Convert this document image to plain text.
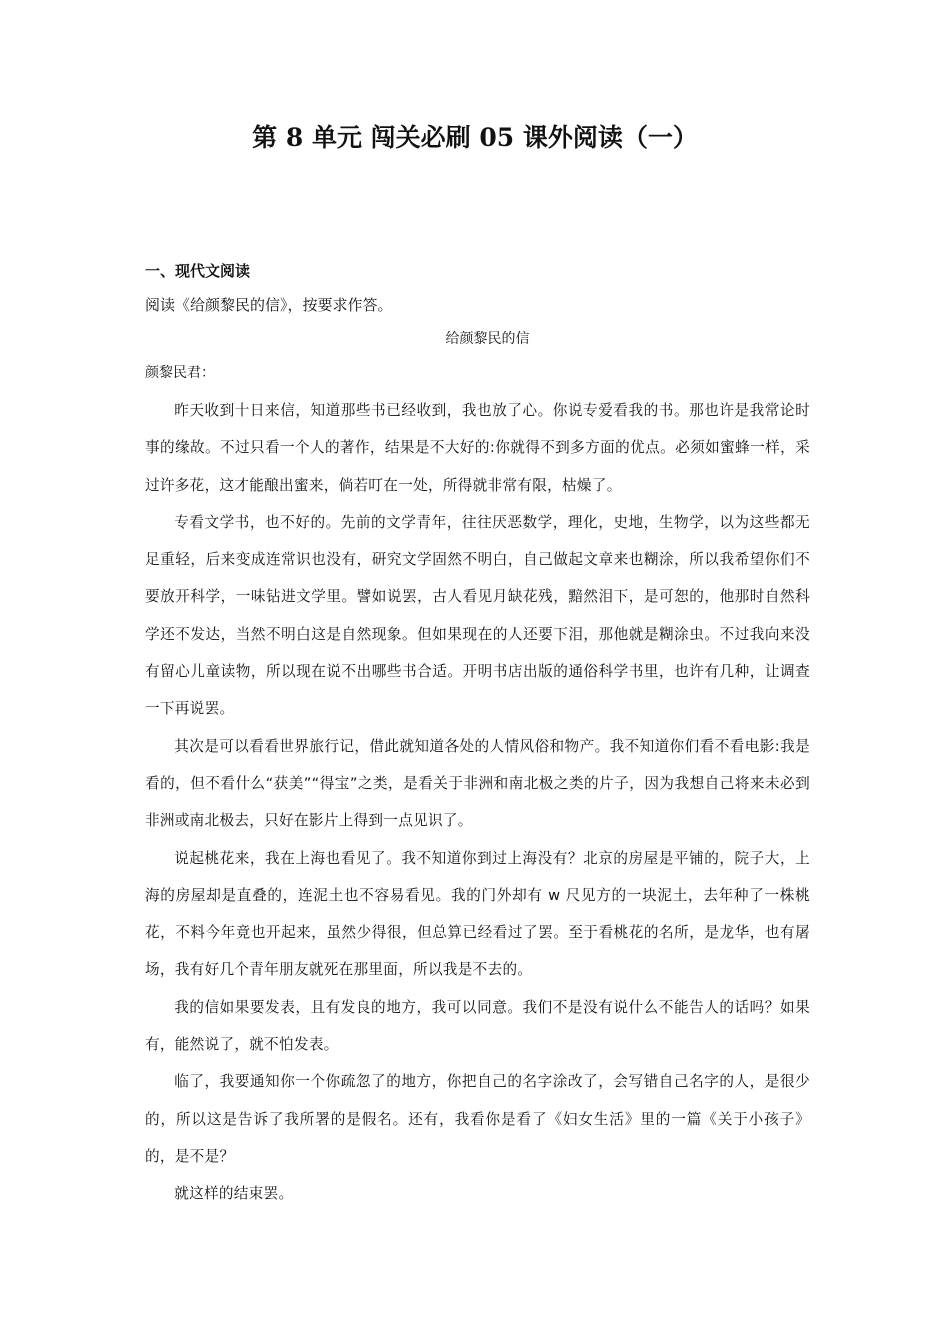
第 8 单元 闯关必刷 05 课外阅读（一）
一、现代文阅读
阅读《给颜黎民的信》，按要求作答。
给颜黎民的信
颜黎民君：

昨天收到十日来信，知道那些书已经收到，我也放了心。你说专爱看我的书。那也许是我常论时事的缘故。不过只看一个人的著作，结果是不大好的:你就得不到多方面的优点。必须如蜜蜂一样，采过许多花，这才能酿出蜜来，倘若叮在一处，所得就非常有限，枯燥了。

专看文学书，也不好的。先前的文学青年，往往厌恶数学，理化，史地，生物学，以为这些都无足重轻，后来变成连常识也没有，研究文学固然不明白，自己做起文章来也糊涂，所以我希望你们不要放开科学，一味钻进文学里。譬如说罢，古人看见月缺花残，黯然泪下，是可恕的，他那时自然科学还不发达，当然不明白这是自然现象。但如果现在的人还要下泪，那他就是糊涂虫。不过我向来没有留心儿童读物，所以现在说不出哪些书合适。开明书店出版的通俗科学书里，也许有几种，让调查一下再说罢。

其次是可以看看世界旅行记，借此就知道各处的人情风俗和物产。我不知道你们看不看电影:我是看的，但不看什么“获美”“得宝”之类，是看关于非洲和南北极之类的片子，因为我想自己将来未必到非洲或南北极去，只好在影片上得到一点见识了。

说起桃花来，我在上海也看见了。我不知道你到过上海没有？北京的房屋是平铺的，院子大，上海的房屋却是直叠的，连泥土也不容易看见。我的门外却有 w 尺见方的一块泥土，去年种了一株桃花，不料今年竟也开起来，虽然少得很，但总算已经看过了罢。至于看桃花的名所，是龙华，也有屠场，我有好几个青年朋友就死在那里面，所以我是不去的。

我的信如果要发表，且有发良的地方，我可以同意。我们不是没有说什么不能告人的话吗？如果有，能然说了，就不怕发表。

临了，我要通知你一个你疏忽了的地方，你把自己的名字涂改了，会写错自己名字的人，是很少的，所以这是告诉了我所署的是假名。还有，我看你是看了《妇女生活》里的一篇《关于小孩子》的，是不是？

就这样的结束罢。
